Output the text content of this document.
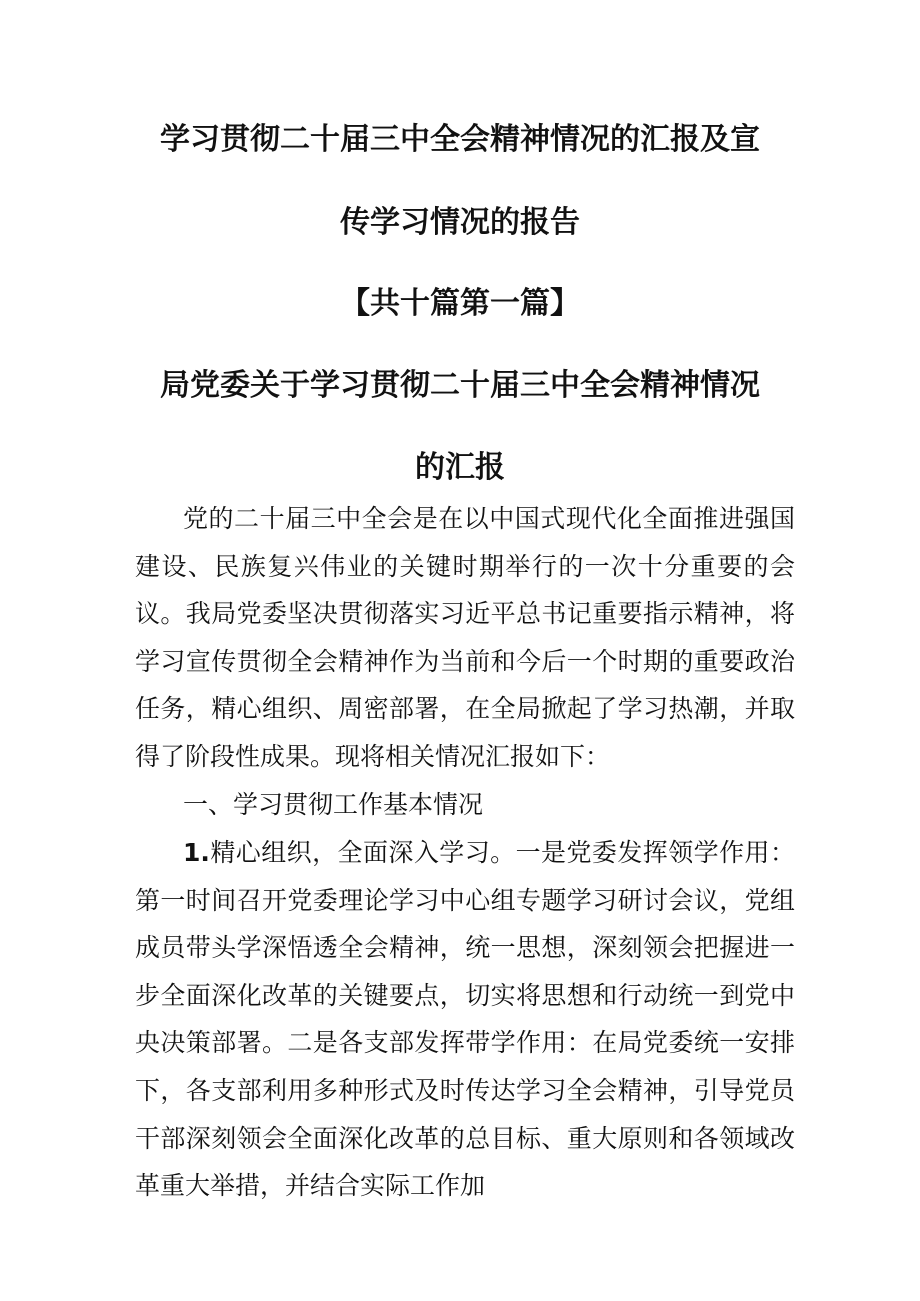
学习贯彻二十届三中全会精神情况的汇报及宣
传学习情况的报告
【共十篇第一篇】
局党委关于学习贯彻二十届三中全会精神情况
的汇报

党的二十届三中全会是在以中国式现代化全面推进强国建设、民族复兴伟业的关键时期举行的一次十分重要的会议。我局党委坚决贯彻落实习近平总书记重要指示精神，将学习宣传贯彻全会精神作为当前和今后一个时期的重要政治任务，精心组织、周密部署，在全局掀起了学习热潮，并取得了阶段性成果。现将相关情况汇报如下：

一、学习贯彻工作基本情况

1.精心组织，全面深入学习。一是党委发挥领学作用：第一时间召开党委理论学习中心组专题学习研讨会议，党组成员带头学深悟透全会精神，统一思想，深刻领会把握进一步全面深化改革的关键要点，切实将思想和行动统一到党中央决策部署。二是各支部发挥带学作用：在局党委统一安排下，各支部利用多种形式及时传达学习全会精神，引导党员干部深刻领会全面深化改革的总目标、重大原则和各领域改革重大举措，并结合实际工作加
